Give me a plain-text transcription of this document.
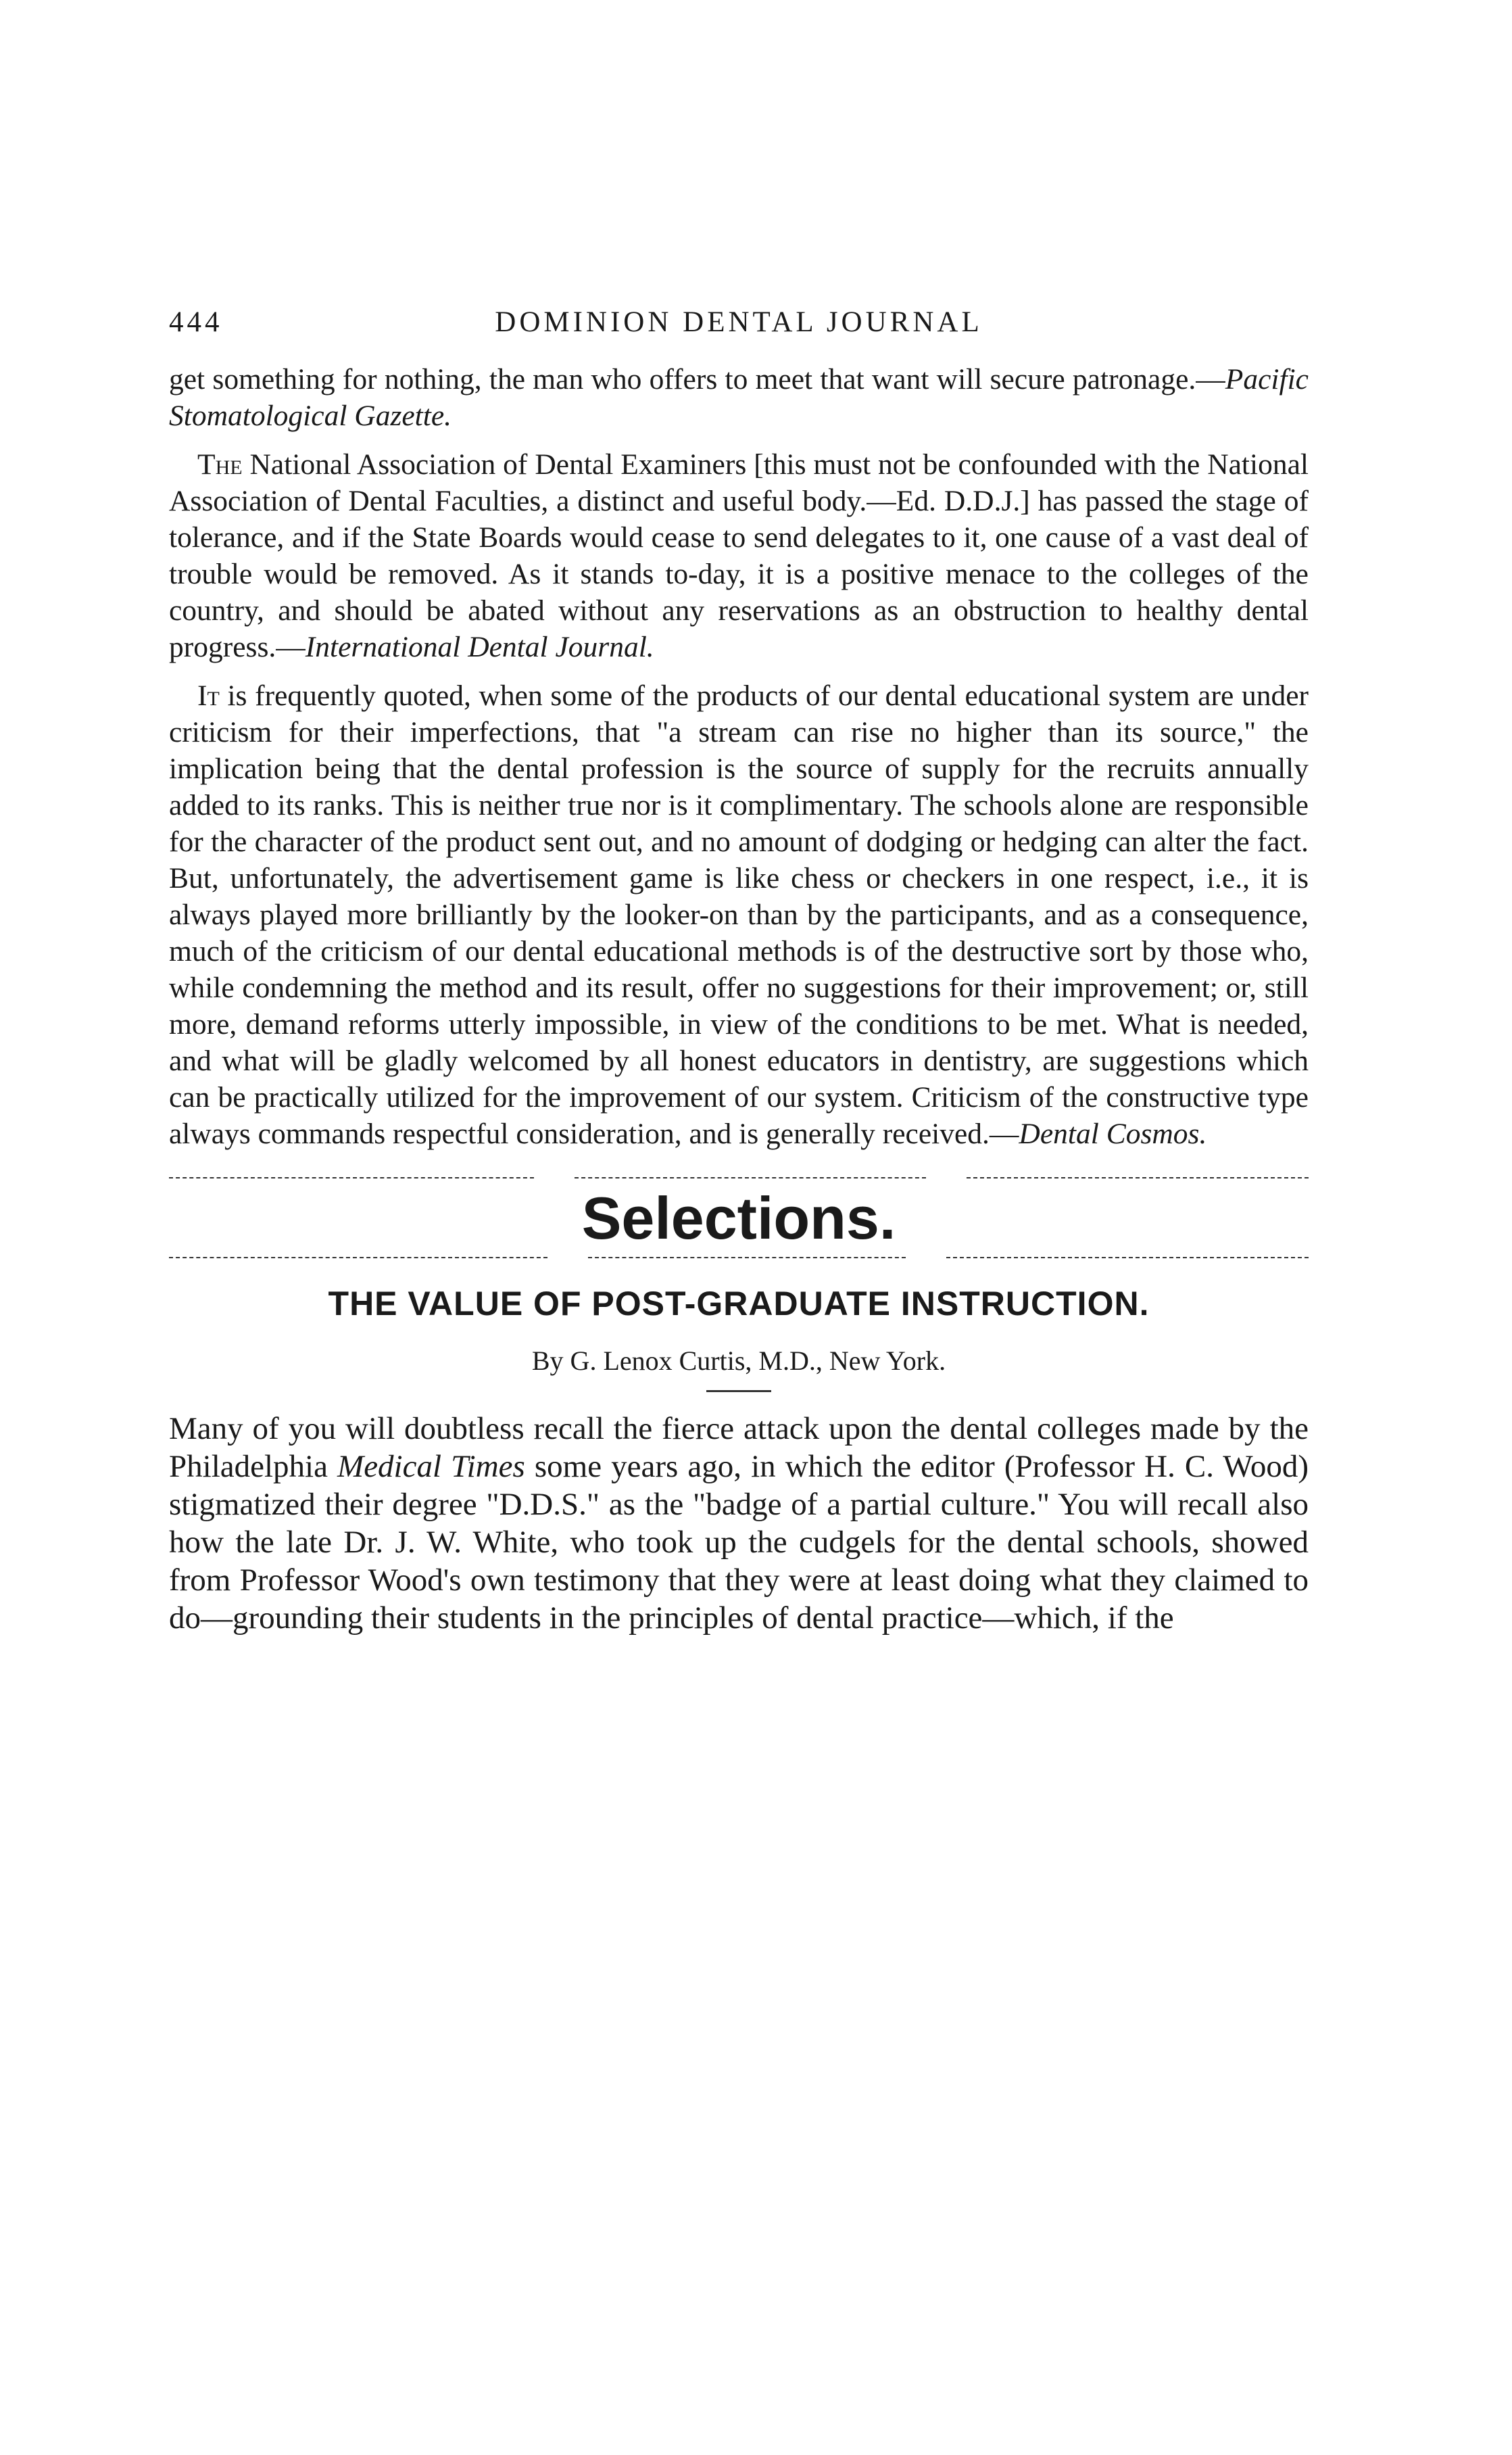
444	DOMINION DENTAL JOURNAL

get something for nothing, the man who offers to meet that want will secure patronage.—Pacific Stomatological Gazette.

The National Association of Dental Examiners [this must not be confounded with the National Association of Dental Faculties, a distinct and useful body.—Ed. D.D.J.] has passed the stage of tolerance, and if the State Boards would cease to send delegates to it, one cause of a vast deal of trouble would be removed. As it stands to-day, it is a positive menace to the colleges of the country, and should be abated without any reservations as an obstruction to healthy dental progress.—International Dental Journal.

It is frequently quoted, when some of the products of our dental educational system are under criticism for their imperfections, that "a stream can rise no higher than its source," the implication being that the dental profession is the source of supply for the recruits annually added to its ranks. This is neither true nor is it complimentary. The schools alone are responsible for the character of the product sent out, and no amount of dodging or hedging can alter the fact. But, unfortunately, the advertisement game is like chess or checkers in one respect, i.e., it is always played more brilliantly by the looker-on than by the participants, and as a consequence, much of the criticism of our dental educational methods is of the destructive sort by those who, while condemning the method and its result, offer no suggestions for their improvement; or, still more, demand reforms utterly impossible, in view of the conditions to be met. What is needed, and what will be gladly welcomed by all honest educators in dentistry, are suggestions which can be practically utilized for the improvement of our system. Criticism of the constructive type always commands respectful consideration, and is generally received.—Dental Cosmos.

Selections.
THE VALUE OF POST-GRADUATE INSTRUCTION.

By G. Lenox Curtis, M.D., New York.

Many of you will doubtless recall the fierce attack upon the dental colleges made by the Philadelphia Medical Times some years ago, in which the editor (Professor H. C. Wood) stigmatized their degree "D.D.S." as the "badge of a partial culture." You will recall also how the late Dr. J. W. White, who took up the cudgels for the dental schools, showed from Professor Wood's own testimony that they were at least doing what they claimed to do—grounding their students in the principles of dental practice—which, if the
